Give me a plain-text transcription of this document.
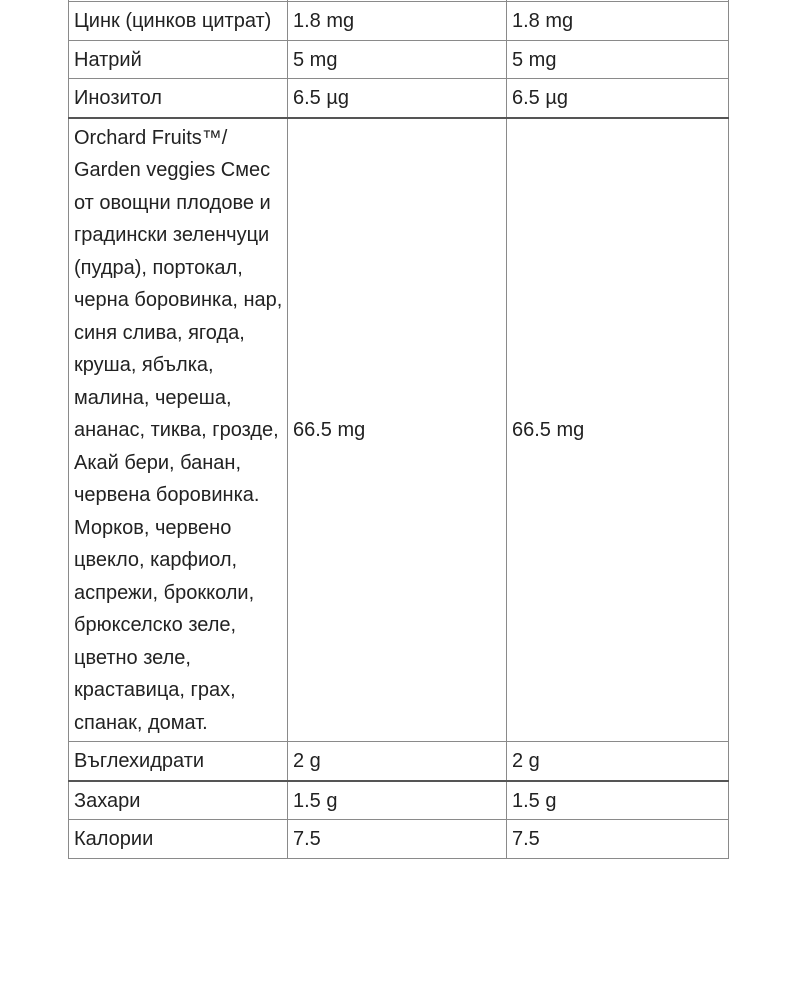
Цинк (цинков цитрат)	1.8 mg	1.8 mg
Натрий	5 mg	5 mg
Инозитол	6.5 µg	6.5 µg
Orchard Fruits™/ Garden veggies Смес от овощни плодове и градински зеленчуци (пудра), портокал, черна боровинка, нар, синя слива, ягода, круша, ябълка, малина, череша, ананас, тиква, грозде, Акай бери, банан, червена боровинка. Морков, червено цвекло, карфиол, аспрежи, брокколи, брюкселско зеле, цветно зеле, краставица, грах, спанак, домат.	66.5 mg	66.5 mg
Въглехидрати	2 g	2 g
Захари	1.5 g	1.5 g
Калории	7.5	7.5
